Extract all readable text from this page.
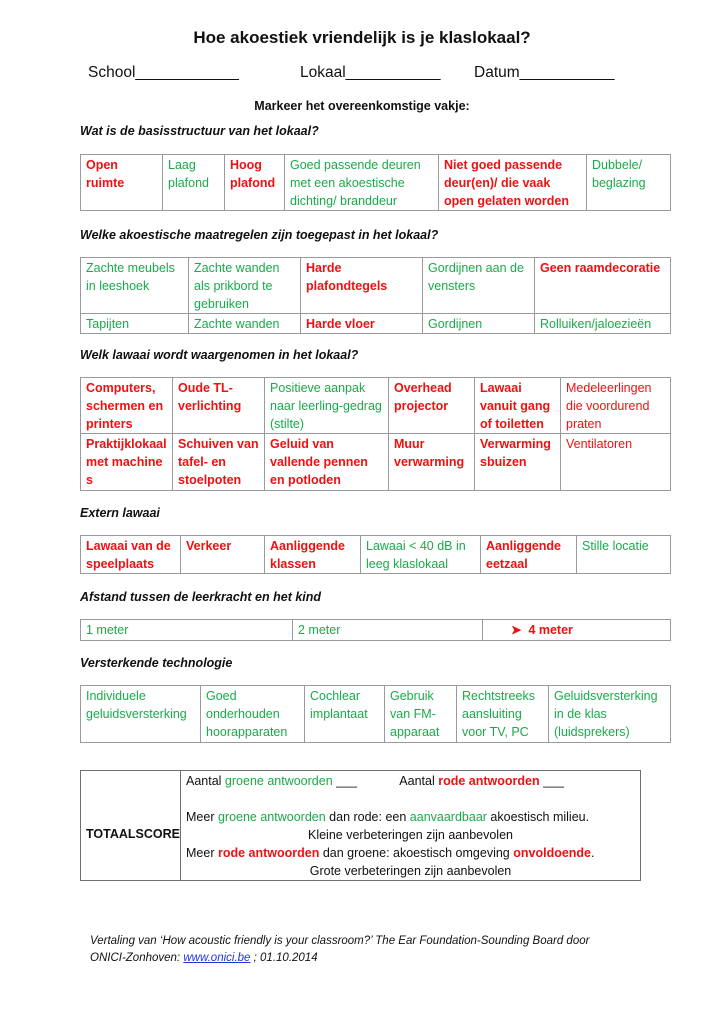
Hoe akoestiek vriendelijk is je klaslokaal?
School____________	Lokaal___________ Datum___________
Markeer het overeenkomstige vakje:
Wat is de basisstructuur van het lokaal?
Open ruimte	Laag plafond	Hoog plafond	Goed passende deuren met een akoestische dichting/ branddeur	Niet goed passende deur(en)/ die vaak open gelaten worden	Dubbele/ beglazing
Welke akoestische maatregelen zijn toegepast in het lokaal?
Zachte meubels in leeshoek	Zachte wanden als prikbord te gebruiken	Harde plafondtegels	Gordijnen aan de vensters	Geen raamdecoratie
Tapijten	Zachte wanden	Harde vloer	Gordijnen	Rolluiken/jaloezieën
Welk lawaai wordt waargenomen in het lokaal?
Computers, schermen en printers	Oude TL-verlichting	Positieve aanpak naar leerling-gedrag (stilte)	Overhead projector	Lawaai vanuit gang of toiletten	Medeleerlingen die voordurend praten
Praktijklokaal met machines	Schuiven van tafel- en stoelpoten	Geluid van vallende pennen en potloden	Muur verwarming	Verwarmingsbuizen	Ventilatoren
Extern lawaai
Lawaai van de speelplaats	Verkeer	Aanliggende klassen	Lawaai < 40 dB in leeg klaslokaal	Aanliggende eetzaal	Stille locatie
Afstand tussen de leerkracht en het kind
1 meter	2 meter	➤ 4 meter
Versterkende technologie
Individuele geluidsversterking	Goed onderhouden hoorapparaten	Cochlear implantaat	Gebruik van FM-apparaat	Rechtstreeks aansluiting voor TV, PC	Geluidsversterking in de klas (luidsprekers)
TOTAALSCORE	
Aantal groene antwoorden ___	Aantal rode antwoorden ___
Meer groene antwoorden dan rode: een aanvaardbaar akoestisch milieu.
Kleine verbeteringen zijn aanbevolen
Meer rode antwoorden dan groene: akoestisch omgeving onvoldoende.
Grote verbeteringen zijn aanbevolen
Vertaling van ‘How acoustic friendly is your classroom?’ The Ear Foundation-Sounding Board door
ONICI-Zonhoven: www.onici.be ; 01.10.2014
